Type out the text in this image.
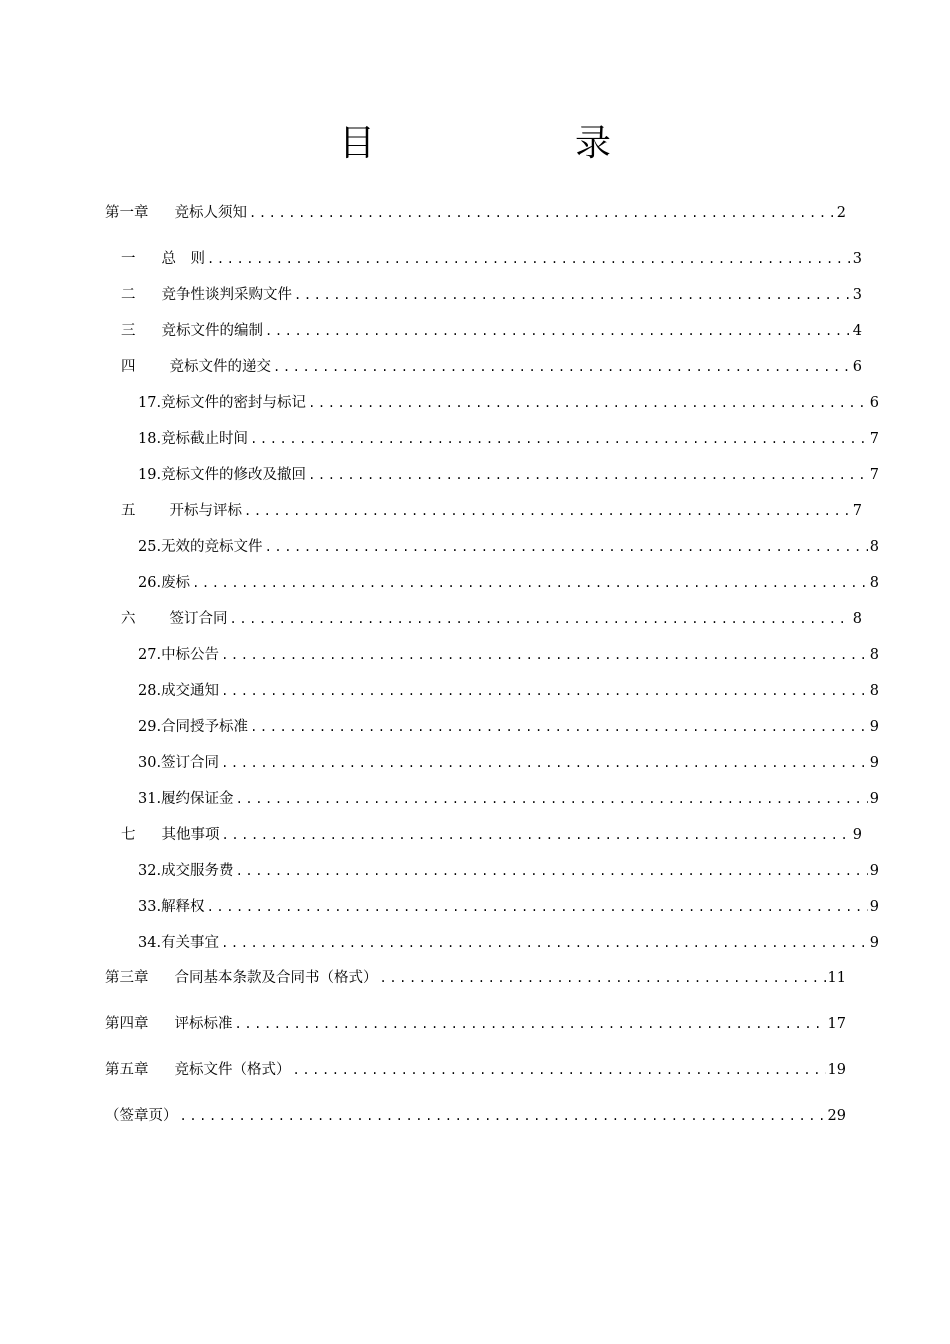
目　录
第一章 竞标人须知 .....	2
一 总　则 .....	3
二 竞争性谈判采购文件 .....	3
三 竞标文件的编制 .....	4
四 竞标文件的递交 .....	6
17.竞标文件的密封与标记 .....	6
18.竞标截止时间 .....	7
19.竞标文件的修改及撤回 .....	7
五 开标与评标 .....	7
25.无效的竞标文件 .....	8
26.废标 .....	8
六 签订合同 .....	8
27.中标公告 .....	8
28.成交通知 .....	8
29.合同授予标准 .....	9
30.签订合同 .....	9
31.履约保证金 .....	9
七 其他事项 .....	9
32.成交服务费 .....	9
33.解释权 .....	9
34.有关事宜 .....	9
第三章 合同基本条款及合同书（格式） .....	11
第四章 评标标准 .....	17
第五章 竞标文件（格式） .....	19
（签章页） .....	29
